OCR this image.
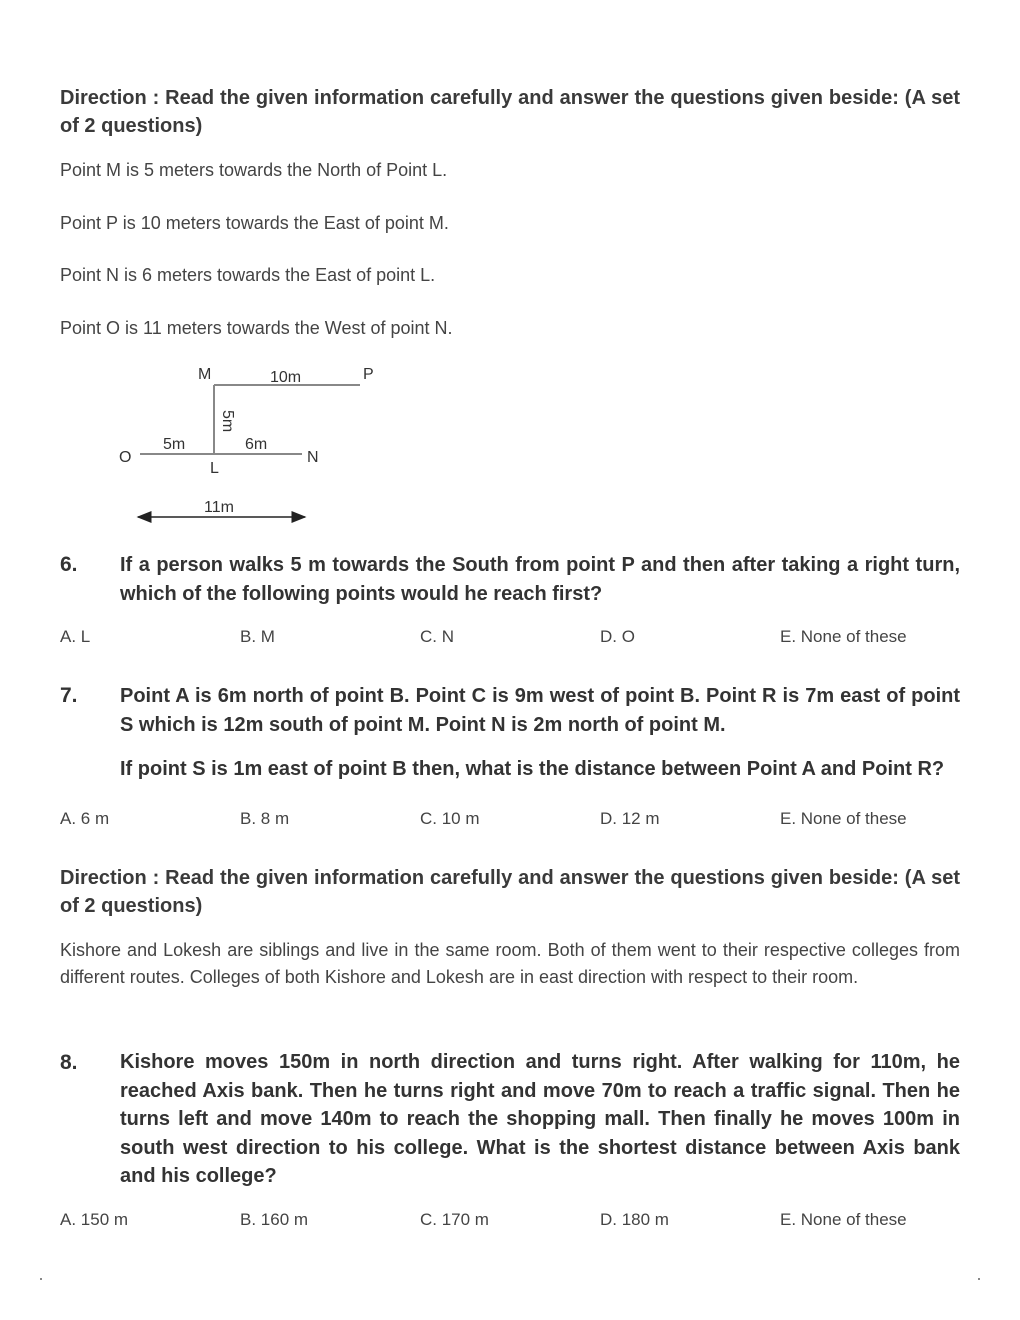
Direction : Read the given information carefully and answer the questions given beside: (A set of 2 questions)
Point M is 5 meters towards the North of Point L.
Point P is 10 meters towards the East of point M.
Point N is 6 meters towards the East of point L.
Point O is 11 meters towards the West of point N.
M	P
10m
5m
O
5m	6m
N
L
11m
6. If a person walks 5 m towards the South from point P and then after taking a right turn, which of the following points would he reach first?
A. L	B. M	C. N	D. O	E. None of these
7. Point A is 6m north of point B. Point C is 9m west of point B. Point R is 7m east of point S which is 12m south of point M. Point N is 2m north of point M.
If point S is 1m east of point B then, what is the distance between Point A and Point R?
A. 6 m	B. 8 m	C. 10 m	D. 12 m	E. None of these
Direction : Read the given information carefully and answer the questions given beside: (A set of 2 questions)
Kishore and Lokesh are siblings and live in the same room. Both of them went to their respective colleges from different routes. Colleges of both Kishore and Lokesh are in east direction with respect to their room.
8. Kishore moves 150m in north direction and turns right. After walking for 110m, he reached Axis bank. Then he turns right and move 70m to reach a traffic signal. Then he turns left and move 140m to reach the shopping mall. Then finally he moves 100m in south west direction to his college. What is the shortest distance between Axis bank and his college?
A. 150 m	B. 160 m	C. 170 m	D. 180 m	E. None of these
